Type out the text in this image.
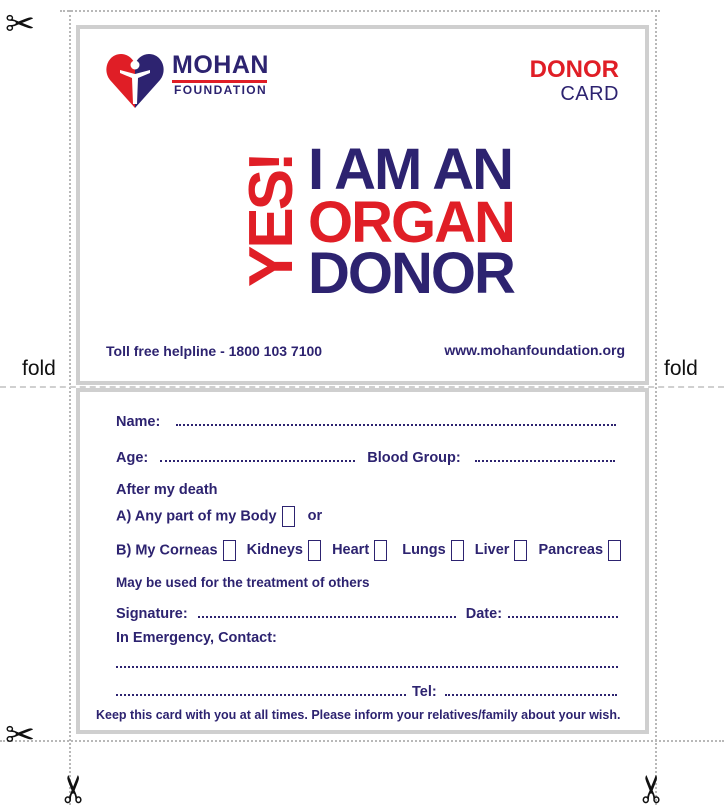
✂
✂
✂	✂
fold	fold
MOHAN
FOUNDATION
DONOR
CARD
YES! I AM AN
ORGAN
DONOR
Toll free helpline - 1800 103 7100	www.mohanfoundation.org
Name:
Age:	Blood Group:
After my death
A) Any part of my Body or
B) My Corneas Kidneys Heart Lungs Liver Pancreas
May be used for the treatment of others
Signature:	Date:
In Emergency, Contact:
Tel:
Keep this card with you at all times. Please inform your relatives/family about your wish.
